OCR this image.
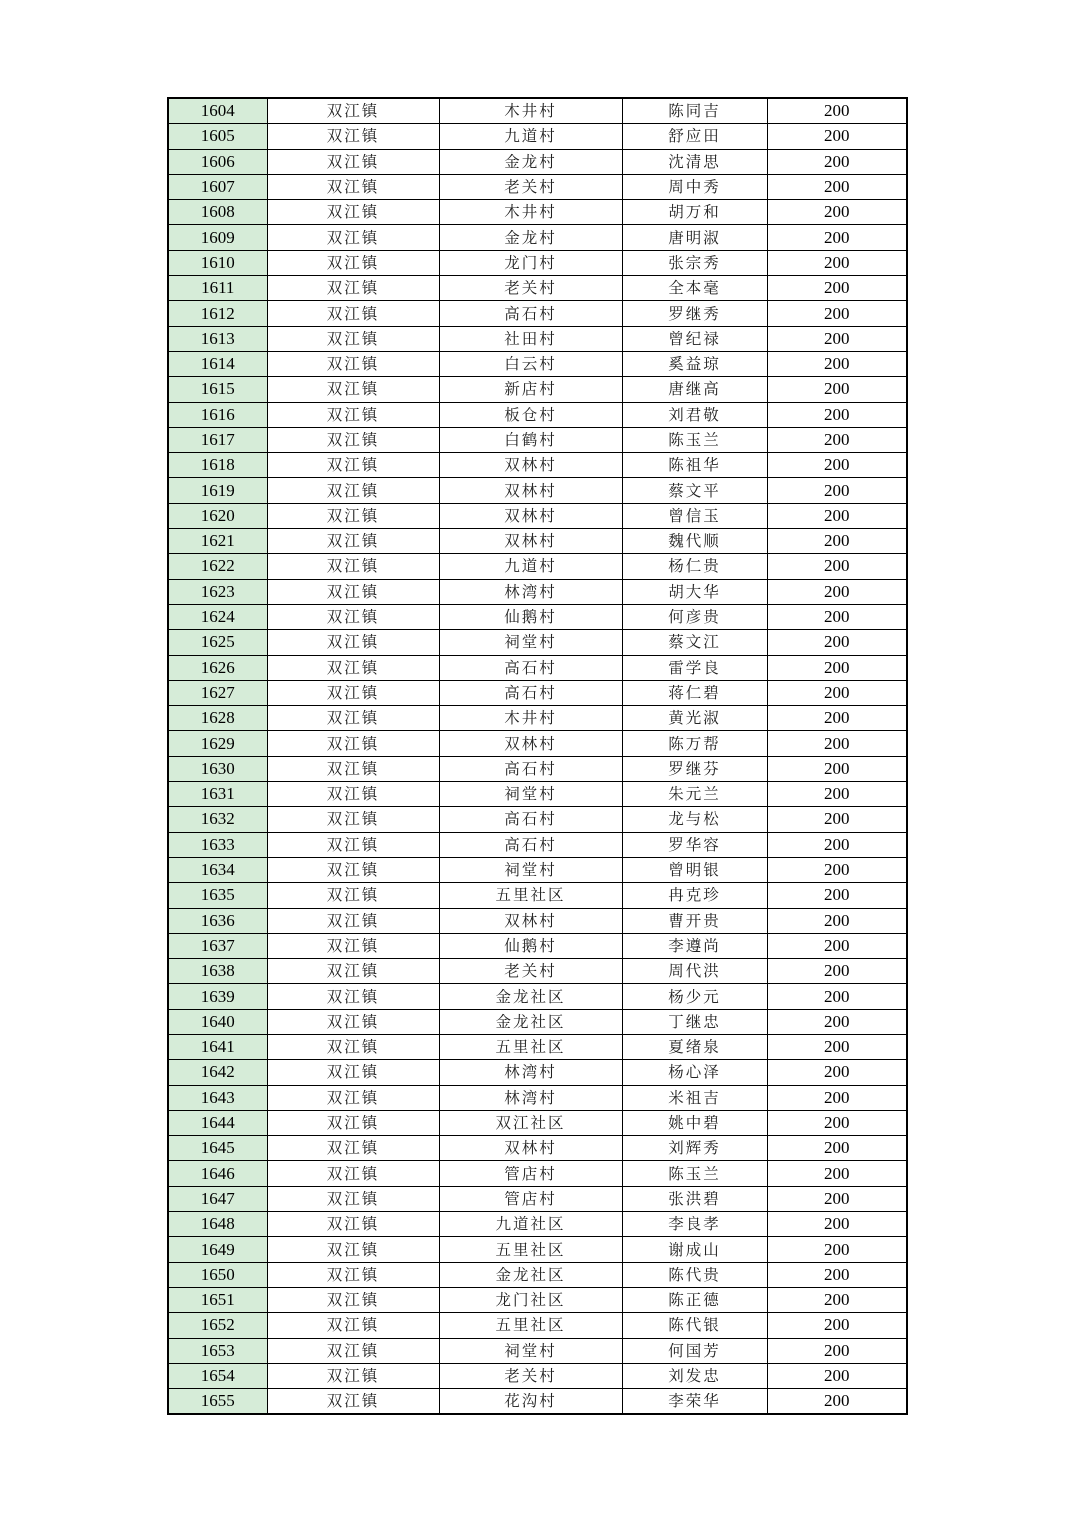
1604	双江镇	木井村	陈同吉	200
1605	双江镇	九道村	舒应田	200
1606	双江镇	金龙村	沈清思	200
1607	双江镇	老关村	周中秀	200
1608	双江镇	木井村	胡万和	200
1609	双江镇	金龙村	唐明淑	200
1610	双江镇	龙门村	张宗秀	200
1611	双江镇	老关村	全本毫	200
1612	双江镇	高石村	罗继秀	200
1613	双江镇	社田村	曾纪禄	200
1614	双江镇	白云村	奚益琼	200
1615	双江镇	新店村	唐继高	200
1616	双江镇	板仓村	刘君敬	200
1617	双江镇	白鹤村	陈玉兰	200
1618	双江镇	双林村	陈祖华	200
1619	双江镇	双林村	蔡文平	200
1620	双江镇	双林村	曾信玉	200
1621	双江镇	双林村	魏代顺	200
1622	双江镇	九道村	杨仁贵	200
1623	双江镇	林湾村	胡大华	200
1624	双江镇	仙鹅村	何彦贵	200
1625	双江镇	祠堂村	蔡文江	200
1626	双江镇	高石村	雷学良	200
1627	双江镇	高石村	蒋仁碧	200
1628	双江镇	木井村	黄光淑	200
1629	双江镇	双林村	陈万帮	200
1630	双江镇	高石村	罗继芬	200
1631	双江镇	祠堂村	朱元兰	200
1632	双江镇	高石村	龙与松	200
1633	双江镇	高石村	罗华容	200
1634	双江镇	祠堂村	曾明银	200
1635	双江镇	五里社区	冉克珍	200
1636	双江镇	双林村	曹开贵	200
1637	双江镇	仙鹅村	李遵尚	200
1638	双江镇	老关村	周代洪	200
1639	双江镇	金龙社区	杨少元	200
1640	双江镇	金龙社区	丁继忠	200
1641	双江镇	五里社区	夏绪泉	200
1642	双江镇	林湾村	杨心泽	200
1643	双江镇	林湾村	米祖吉	200
1644	双江镇	双江社区	姚中碧	200
1645	双江镇	双林村	刘辉秀	200
1646	双江镇	管店村	陈玉兰	200
1647	双江镇	管店村	张洪碧	200
1648	双江镇	九道社区	李良孝	200
1649	双江镇	五里社区	谢成山	200
1650	双江镇	金龙社区	陈代贵	200
1651	双江镇	龙门社区	陈正德	200
1652	双江镇	五里社区	陈代银	200
1653	双江镇	祠堂村	何国芳	200
1654	双江镇	老关村	刘发忠	200
1655	双江镇	花沟村	李荣华	200
